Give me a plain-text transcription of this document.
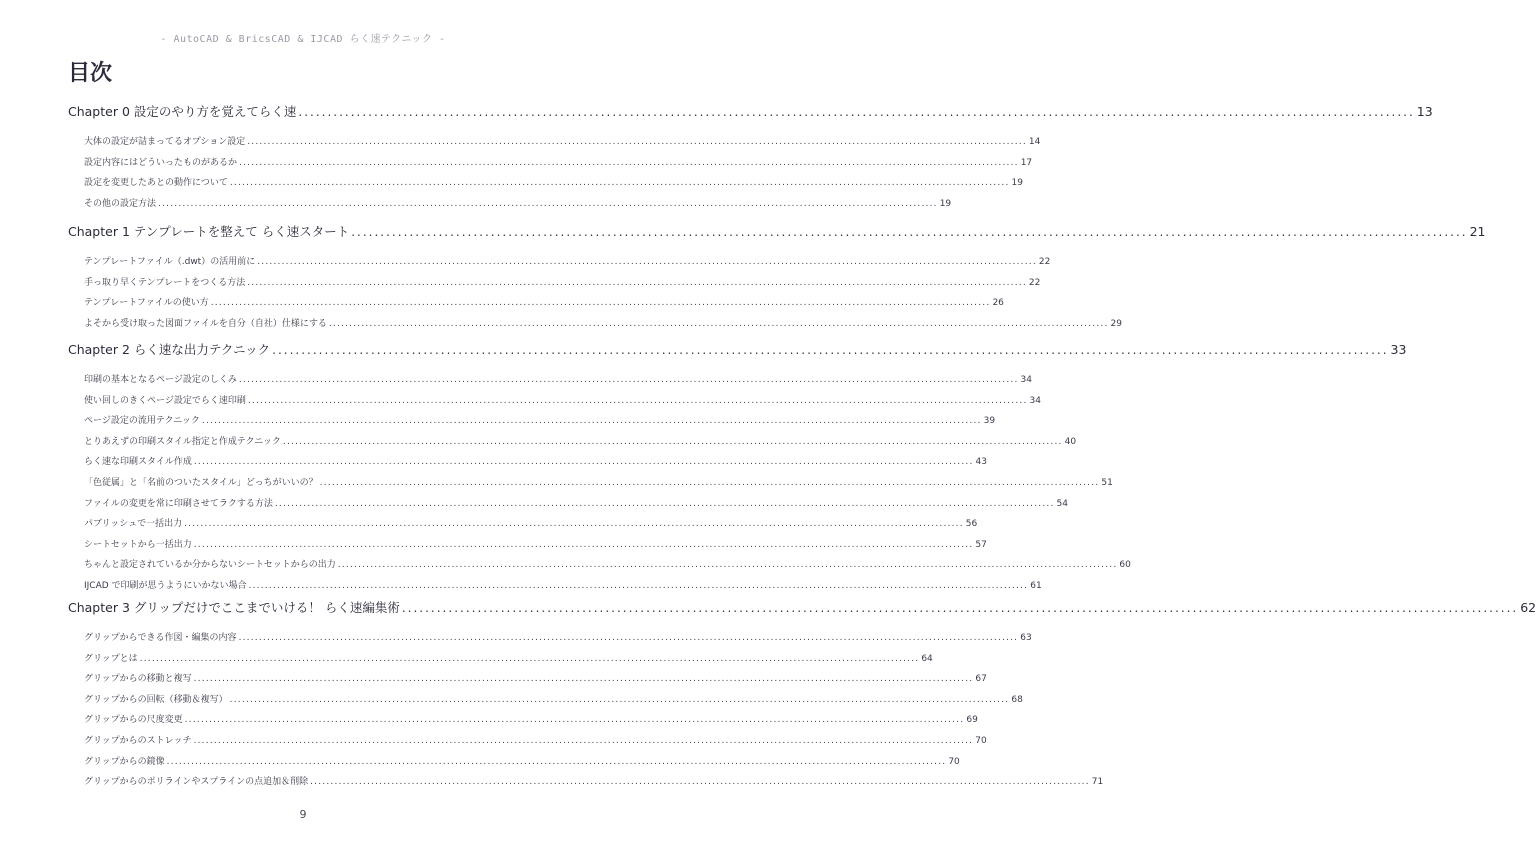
- AutoCAD & BricsCAD & IJCAD らく速テクニック -
目次
Chapter 0 設定のやり方を覚えてらく速 ................................................................................................................................................................................................ 13
大体の設定が詰まってるオプション設定 ................................................................................................................................................................................................ 14
設定内容にはどういったものがあるか ................................................................................................................................................................................................ 17
設定を変更したあとの動作について ................................................................................................................................................................................................ 19
その他の設定方法 ................................................................................................................................................................................................ 19
Chapter 1 テンプレートを整えて らく速スタート ................................................................................................................................................................................................ 21
テンプレートファイル（.dwt）の活用前に ................................................................................................................................................................................................ 22
手っ取り早くテンプレートをつくる方法 ................................................................................................................................................................................................ 22
テンプレートファイルの使い方 ................................................................................................................................................................................................ 26
よそから受け取った図面ファイルを自分（自社）仕様にする ................................................................................................................................................................................................ 29
Chapter 2 らく速な出力テクニック ................................................................................................................................................................................................ 33
印刷の基本となるページ設定のしくみ ................................................................................................................................................................................................ 34
使い回しのきくページ設定でらく速印刷 ................................................................................................................................................................................................ 34
ページ設定の流用テクニック ................................................................................................................................................................................................ 39
とりあえずの印刷スタイル指定と作成テクニック ................................................................................................................................................................................................ 40
らく速な印刷スタイル作成 ................................................................................................................................................................................................ 43
「色従属」と「名前のついたスタイル」どっちがいいの？ ................................................................................................................................................................................................ 51
ファイルの変更を常に印刷させてラクする方法 ................................................................................................................................................................................................ 54
パブリッシュで一括出力 ................................................................................................................................................................................................ 56
シートセットから一括出力 ................................................................................................................................................................................................ 57
ちゃんと設定されているか分からないシートセットからの出力 ................................................................................................................................................................................................ 60
IJCAD で印刷が思うようにいかない場合 ................................................................................................................................................................................................ 61
Chapter 3 グリップだけでここまでいける！ らく速編集術 ................................................................................................................................................................................................ 62
グリップからできる作図・編集の内容 ................................................................................................................................................................................................ 63
グリップとは ................................................................................................................................................................................................ 64
グリップからの移動と複写 ................................................................................................................................................................................................ 67
グリップからの回転（移動＆複写） ................................................................................................................................................................................................ 68
グリップからの尺度変更 ................................................................................................................................................................................................ 69
グリップからのストレッチ ................................................................................................................................................................................................ 70
グリップからの鏡像 ................................................................................................................................................................................................ 70
グリップからのポリラインやスプラインの点追加＆削除 ................................................................................................................................................................................................ 71
9
